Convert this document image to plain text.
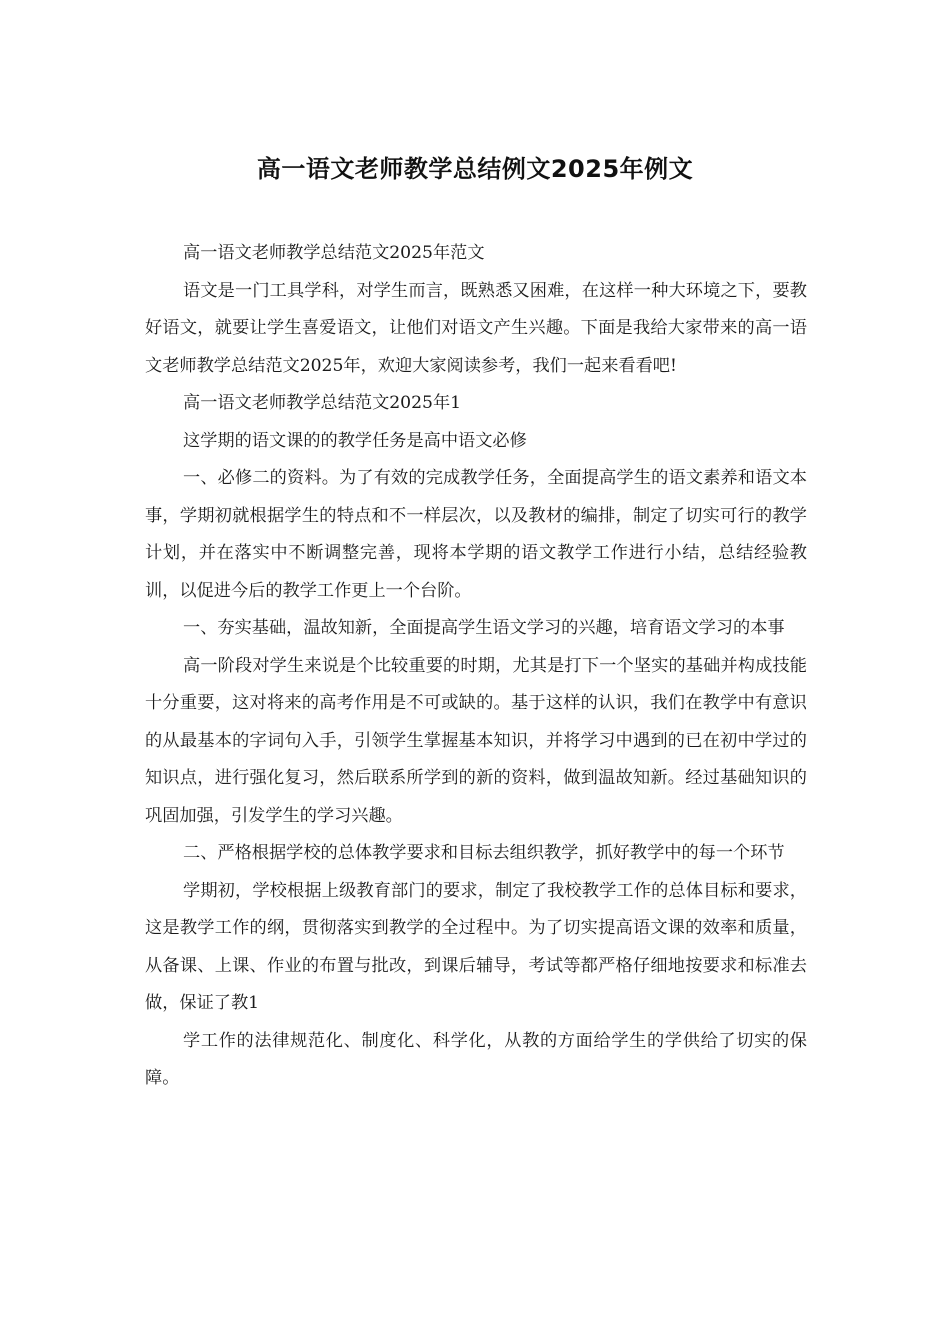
高一语文老师教学总结例文2025年例文

高一语文老师教学总结范文2025年范文

语文是一门工具学科，对学生而言，既熟悉又困难，在这样一种大环境之下，要教好语文，就要让学生喜爱语文，让他们对语文产生兴趣。下面是我给大家带来的高一语文老师教学总结范文2025年，欢迎大家阅读参考，我们一起来看看吧!

高一语文老师教学总结范文2025年1

这学期的语文课的的教学任务是高中语文必修

一、必修二的资料。为了有效的完成教学任务，全面提高学生的语文素养和语文本事，学期初就根据学生的特点和不一样层次，以及教材的编排，制定了切实可行的教学计划，并在落实中不断调整完善，现将本学期的语文教学工作进行小结，总结经验教训，以促进今后的教学工作更上一个台阶。

一、夯实基础，温故知新，全面提高学生语文学习的兴趣，培育语文学习的本事

高一阶段对学生来说是个比较重要的时期，尤其是打下一个坚实的基础并构成技能十分重要，这对将来的高考作用是不可或缺的。基于这样的认识，我们在教学中有意识的从最基本的字词句入手，引领学生掌握基本知识，并将学习中遇到的已在初中学过的知识点，进行强化复习，然后联系所学到的新的资料，做到温故知新。经过基础知识的巩固加强，引发学生的学习兴趣。

二、严格根据学校的总体教学要求和目标去组织教学，抓好教学中的每一个环节

学期初，学校根据上级教育部门的要求，制定了我校教学工作的总体目标和要求，这是教学工作的纲，贯彻落实到教学的全过程中。为了切实提高语文课的效率和质量，从备课、上课、作业的布置与批改，到课后辅导，考试等都严格仔细地按要求和标准去做，保证了教1

学工作的法律规范化、制度化、科学化，从教的方面给学生的学供给了切实的保障。
